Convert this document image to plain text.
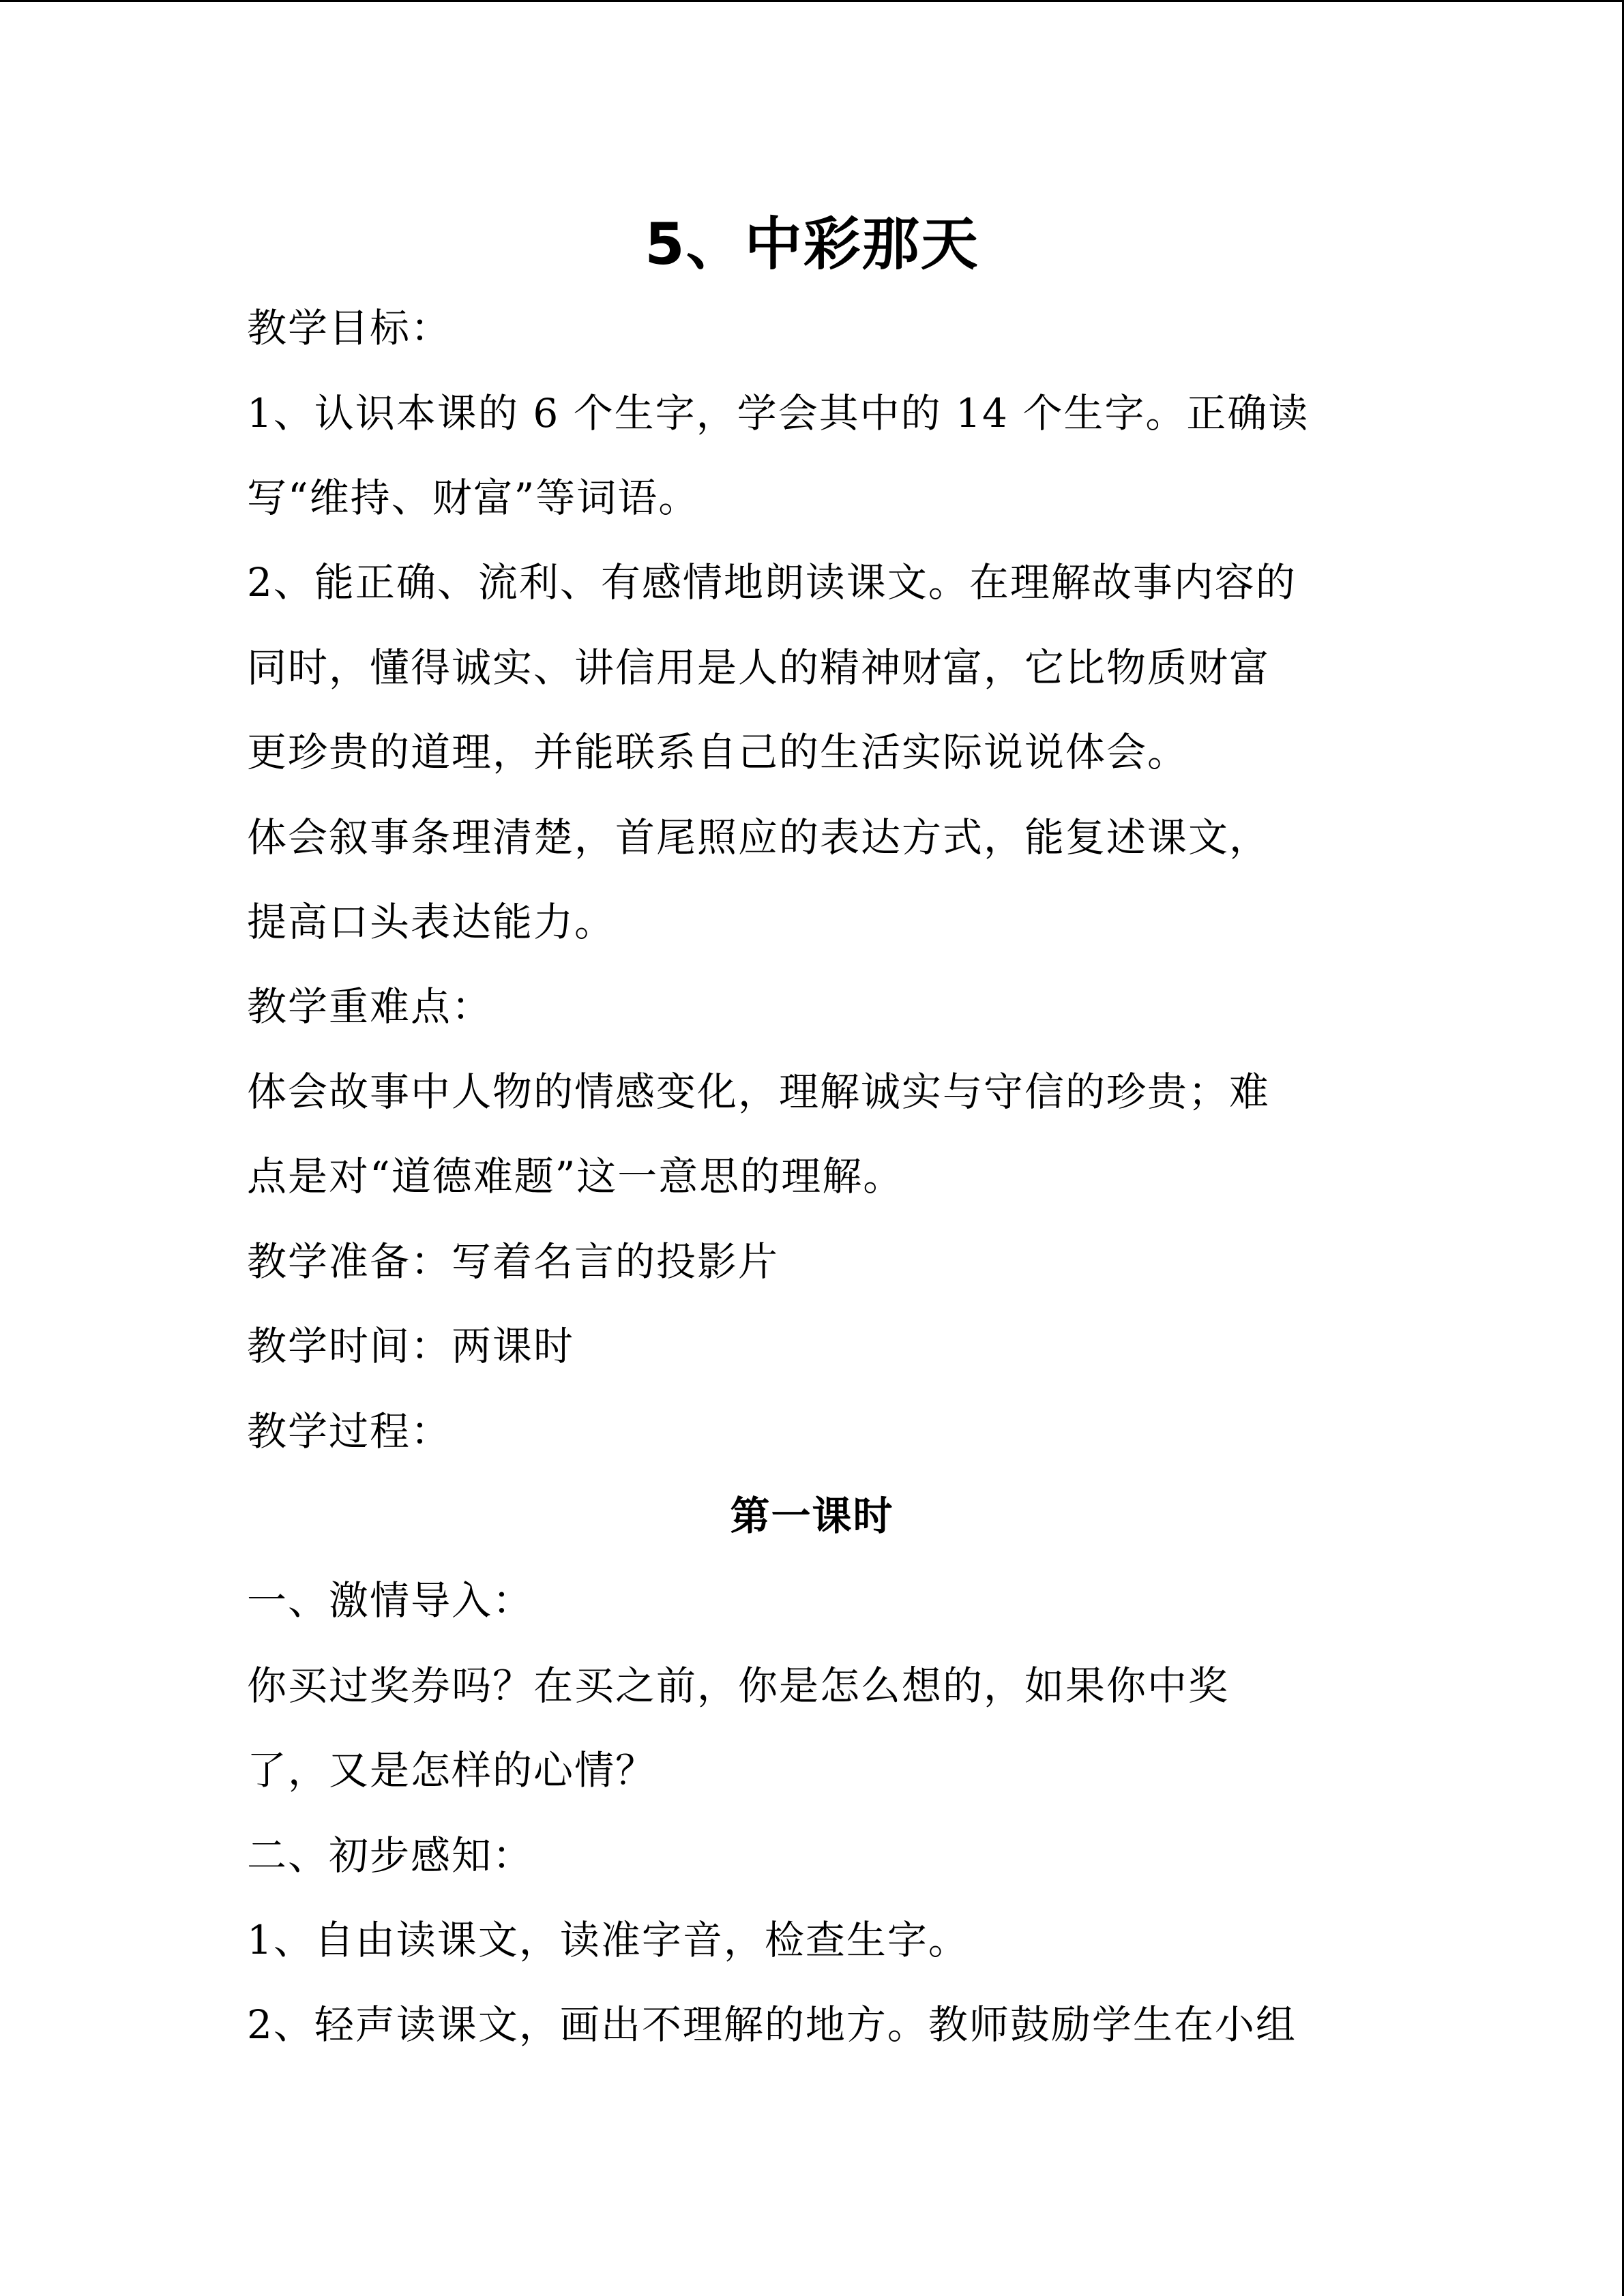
5、中彩那天

教学目标：

1、认识本课的 6 个生字，学会其中的 14 个生字。正确读

写“维持、财富”等词语。

2、能正确、流利、有感情地朗读课文。在理解故事内容的

同时，懂得诚实、讲信用是人的精神财富，它比物质财富

更珍贵的道理，并能联系自己的生活实际说说体会。

体会叙事条理清楚，首尾照应的表达方式，能复述课文，

提高口头表达能力。

教学重难点：

体会故事中人物的情感变化，理解诚实与守信的珍贵；难

点是对“道德难题”这一意思的理解。

教学准备：写着名言的投影片

教学时间：两课时

教学过程：

第一课时

一、激情导入：

你买过奖券吗？在买之前，你是怎么想的，如果你中奖

了，又是怎样的心情？

二、初步感知：

1、自由读课文，读准字音，检查生字。

2、轻声读课文，画出不理解的地方。教师鼓励学生在小组
